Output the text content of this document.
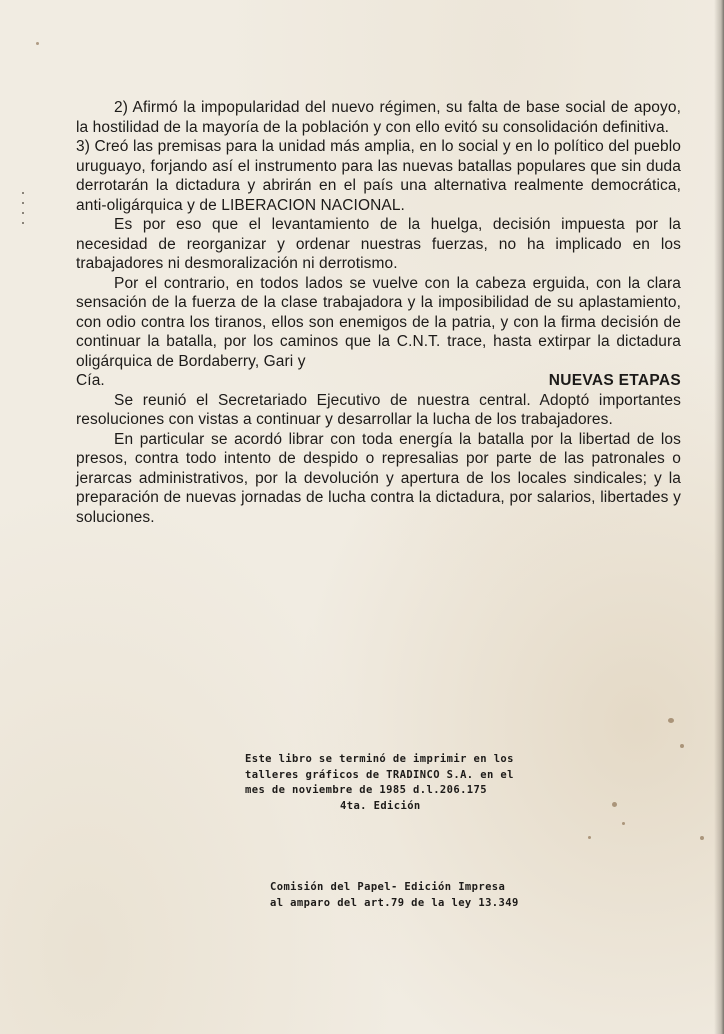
2) Afirmó la impopularidad del nuevo régimen, su falta de base social de apoyo, la hostilidad de la mayoría de la población y con ello evitó su consolidación definitiva.

3) Creó las premisas para la unidad más amplia, en lo social y en lo político del pueblo uruguayo, forjando así el instrumento para las nuevas batallas populares que sin duda derrotarán la dictadura y abrirán en el país una alternativa realmente democrática, anti-oligárquica y de LIBERACION NACIONAL.

Es por eso que el levantamiento de la huelga, decisión impuesta por la necesidad de reorganizar y ordenar nuestras fuerzas, no ha implicado en los trabajadores ni desmoralización ni derrotismo.

Por el contrario, en todos lados se vuelve con la cabeza erguida, con la clara sensación de la fuerza de la clase trabajadora y la imposibilidad de su aplastamiento, con odio contra los tiranos, ellos son enemigos de la patria, y con la firma decisión de continuar la batalla, por los caminos que la C.N.T. trace, hasta extirpar la dictadura oligárquica de Bordaberry, Gari y

Cía.	NUEVAS ETAPAS

Se reunió el Secretariado Ejecutivo de nuestra central. Adoptó importantes resoluciones con vistas a continuar y desarrollar la lucha de los trabajadores.

En particular se acordó librar con toda energía la batalla por la libertad de los presos, contra todo intento de despido o represalias por parte de las patronales o jerarcas administrativos, por la devolución y apertura de los locales sindicales; y la preparación de nuevas jornadas de lucha contra la dictadura, por salarios, libertades y soluciones.

Este libro se terminó de imprimir en los
talleres gráficos de TRADINCO S.A. en el
mes de noviembre de 1985 d.l.206.175
4ta. Edición
Comisión del Papel- Edición Impresa
al amparo del art.79 de la ley 13.349
